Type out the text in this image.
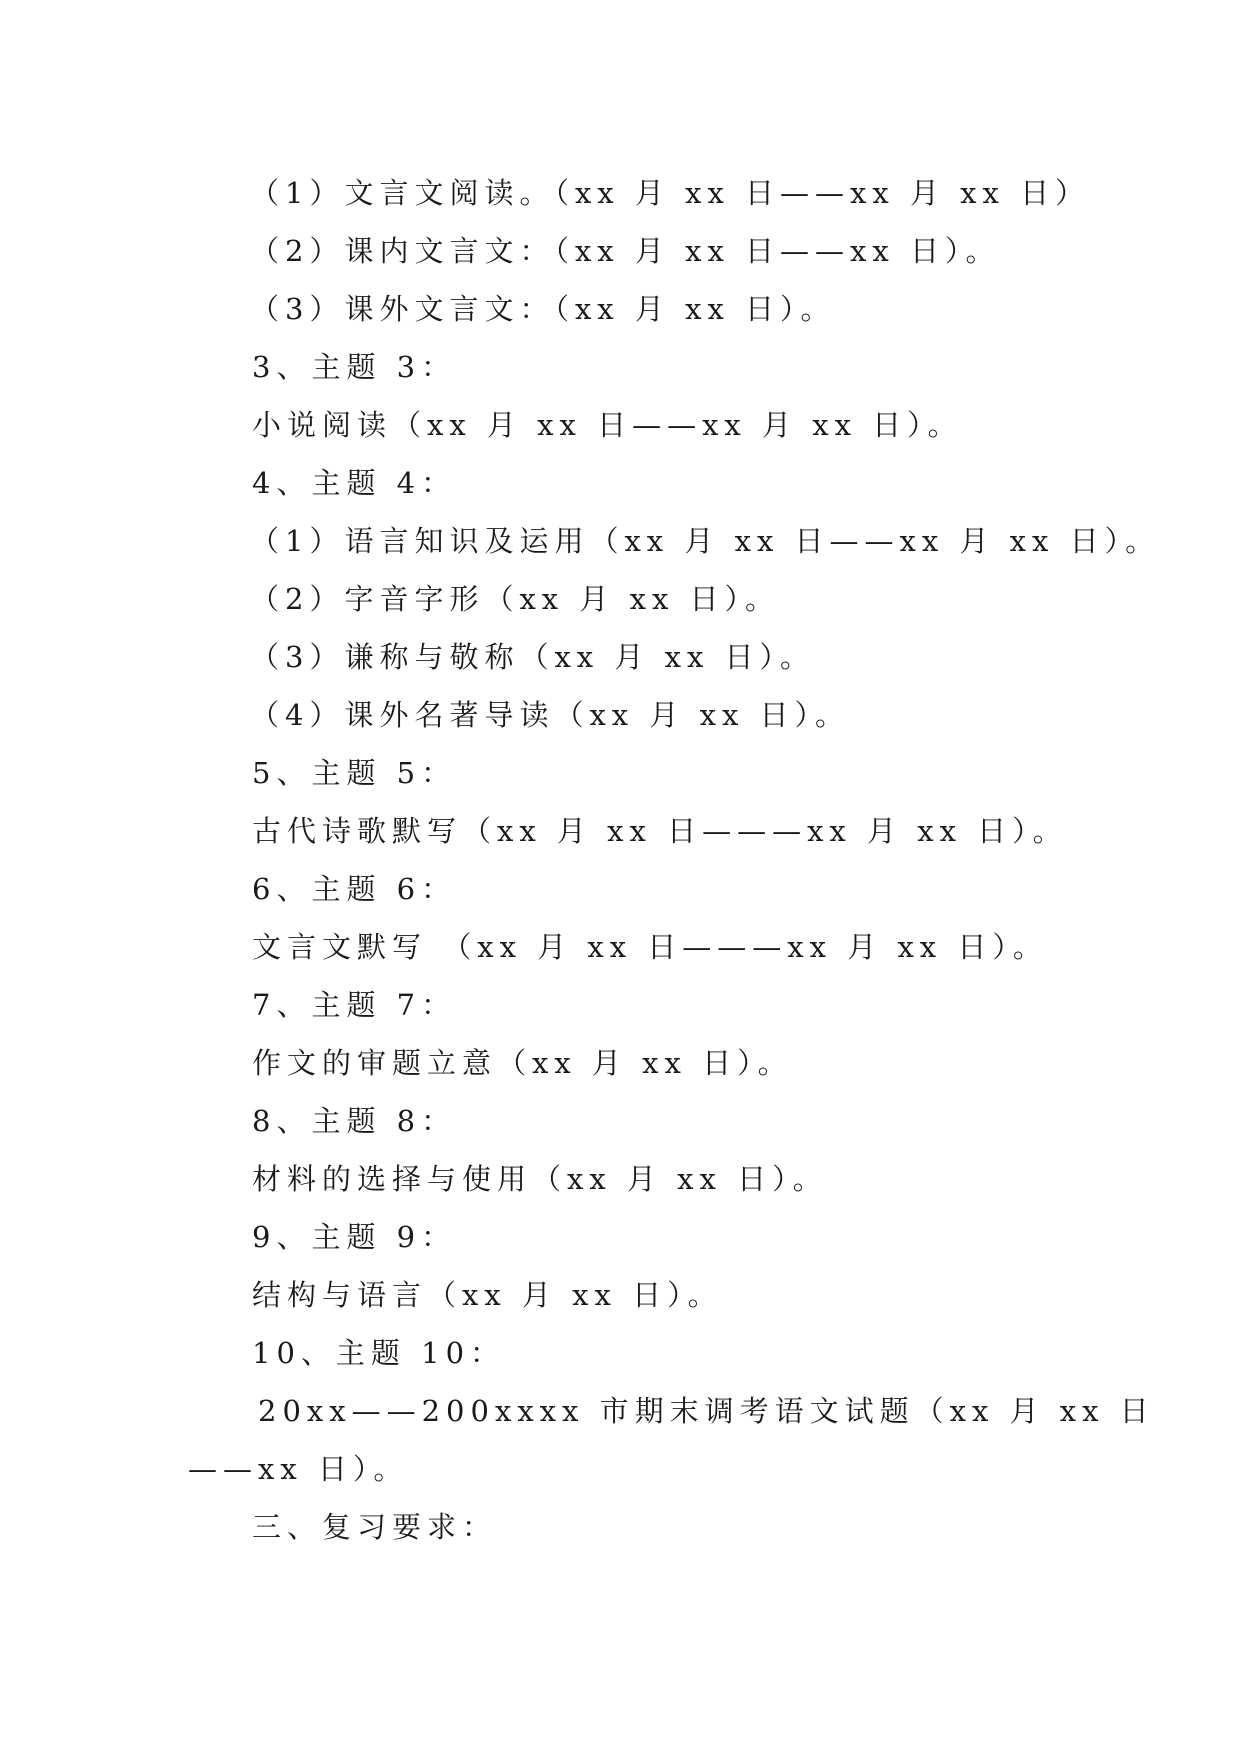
（1）文言文阅读。（xx 月 xx 日——xx 月 xx 日）
（2）课内文言文：（xx 月 xx 日——xx 日）。
（3）课外文言文：（xx 月 xx 日）。
3、主题 3：
小说阅读（xx 月 xx 日——xx 月 xx 日）。
4、主题 4：
（1）语言知识及运用（xx 月 xx 日——xx 月 xx 日）。
（2）字音字形（xx 月 xx 日）。
（3）谦称与敬称（xx 月 xx 日）。
（4）课外名著导读（xx 月 xx 日）。
5、主题 5：
古代诗歌默写（xx 月 xx 日———xx 月 xx 日）。
6、主题 6：
文言文默写 （xx 月 xx 日———xx 月 xx 日）。
7、主题 7：
作文的审题立意（xx 月 xx 日）。
8、主题 8：
材料的选择与使用（xx 月 xx 日）。
9、主题 9：
结构与语言（xx 月 xx 日）。
10、主题 10：
20xx——200xxxx 市期末调考语文试题（xx 月 xx 日
——xx 日）。
三、复习要求：
